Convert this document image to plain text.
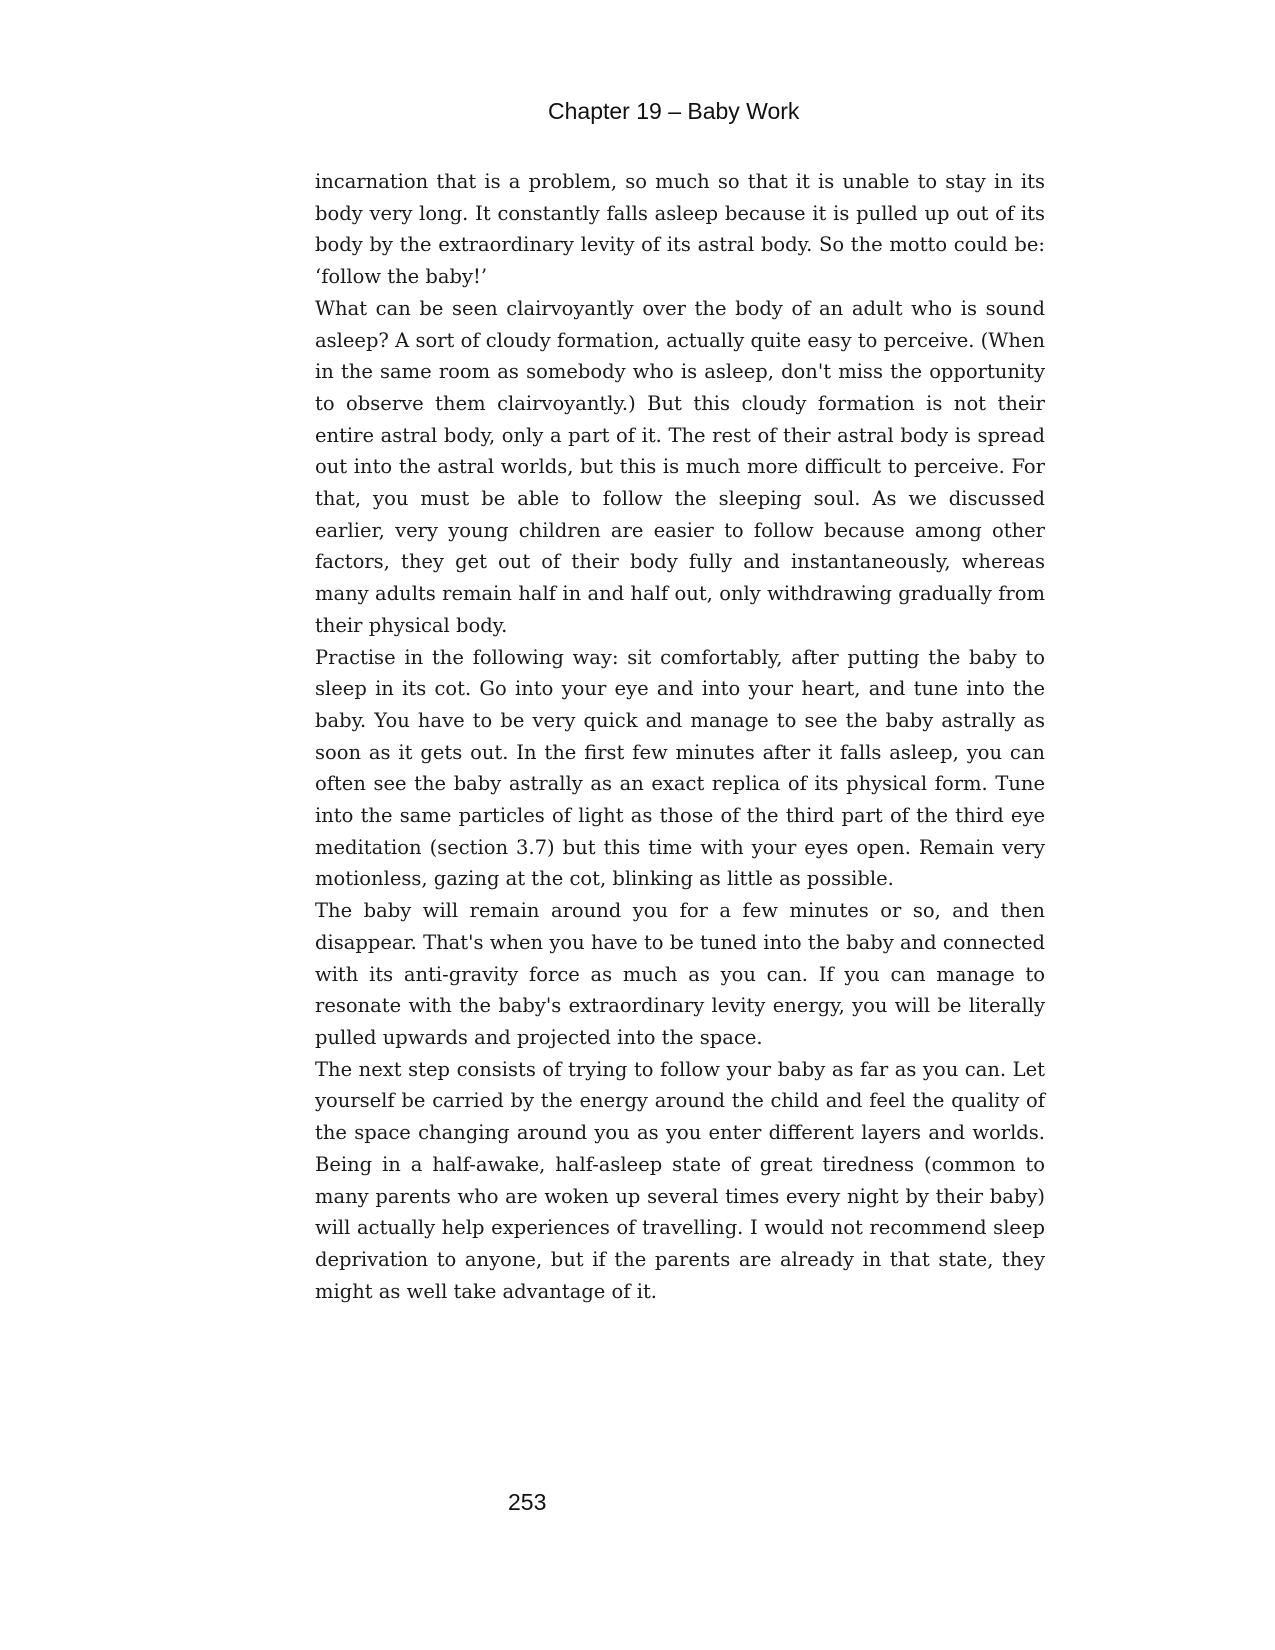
Chapter 19 – Baby Work

incarnation that is a problem, so much so that it is unable to stay in its body very long. It constantly falls asleep because it is pulled up out of its body by the extraordinary levity of its astral body. So the motto could be: ‘follow the baby!’

What can be seen clairvoyantly over the body of an adult who is sound asleep? A sort of cloudy formation, actually quite easy to perceive. (When in the same room as somebody who is asleep, don't miss the opportunity to observe them clairvoyantly.) But this cloudy formation is not their entire astral body, only a part of it. The rest of their astral body is spread out into the astral worlds, but this is much more difficult to perceive. For that, you must be able to follow the sleeping soul. As we discussed earlier, very young children are easier to follow because among other factors, they get out of their body fully and instantaneously, whereas many adults remain half in and half out, only withdrawing gradually from their physical body.

Practise in the following way: sit comfortably, after putting the baby to sleep in its cot. Go into your eye and into your heart, and tune into the baby. You have to be very quick and manage to see the baby astrally as soon as it gets out. In the first few minutes after it falls asleep, you can often see the baby astrally as an exact replica of its physical form. Tune into the same particles of light as those of the third part of the third eye meditation (section 3.7) but this time with your eyes open. Remain very motionless, gazing at the cot, blinking as little as possible.

The baby will remain around you for a few minutes or so, and then disappear. That's when you have to be tuned into the baby and connected with its anti-gravity force as much as you can. If you can manage to resonate with the baby's extraordinary levity energy, you will be literally pulled upwards and projected into the space.

The next step consists of trying to follow your baby as far as you can. Let yourself be carried by the energy around the child and feel the quality of the space changing around you as you enter different layers and worlds. Being in a half-awake, half-asleep state of great tiredness (common to many parents who are woken up several times every night by their baby) will actually help experiences of travelling. I would not recommend sleep deprivation to anyone, but if the parents are already in that state, they might as well take advantage of it.

253
